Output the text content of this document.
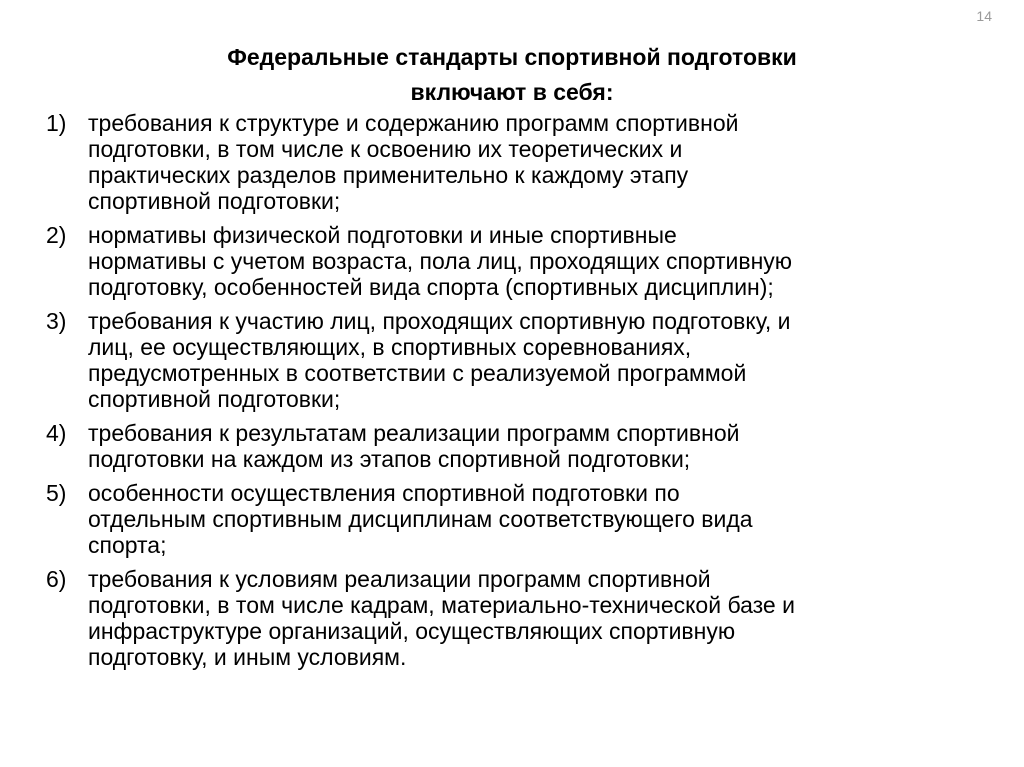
14
Федеральные стандарты спортивной подготовки
включают в себя:
1) требования к структуре и содержанию программ спортивной
подготовки, в том числе к освоению их теоретических и
практических разделов применительно к каждому этапу
спортивной подготовки;
2) нормативы физической подготовки и иные спортивные
нормативы с учетом возраста, пола лиц, проходящих спортивную
подготовку, особенностей вида спорта (спортивных дисциплин);
3) требования к участию лиц, проходящих спортивную подготовку, и
лиц, ее осуществляющих, в спортивных соревнованиях,
предусмотренных в соответствии с реализуемой программой
спортивной подготовки;
4) требования к результатам реализации программ спортивной
подготовки на каждом из этапов спортивной подготовки;
5) особенности осуществления спортивной подготовки по
отдельным спортивным дисциплинам соответствующего вида
спорта;
6) требования к условиям реализации программ спортивной
подготовки, в том числе кадрам, материально-технической базе и
инфраструктуре организаций, осуществляющих спортивную
подготовку, и иным условиям.
